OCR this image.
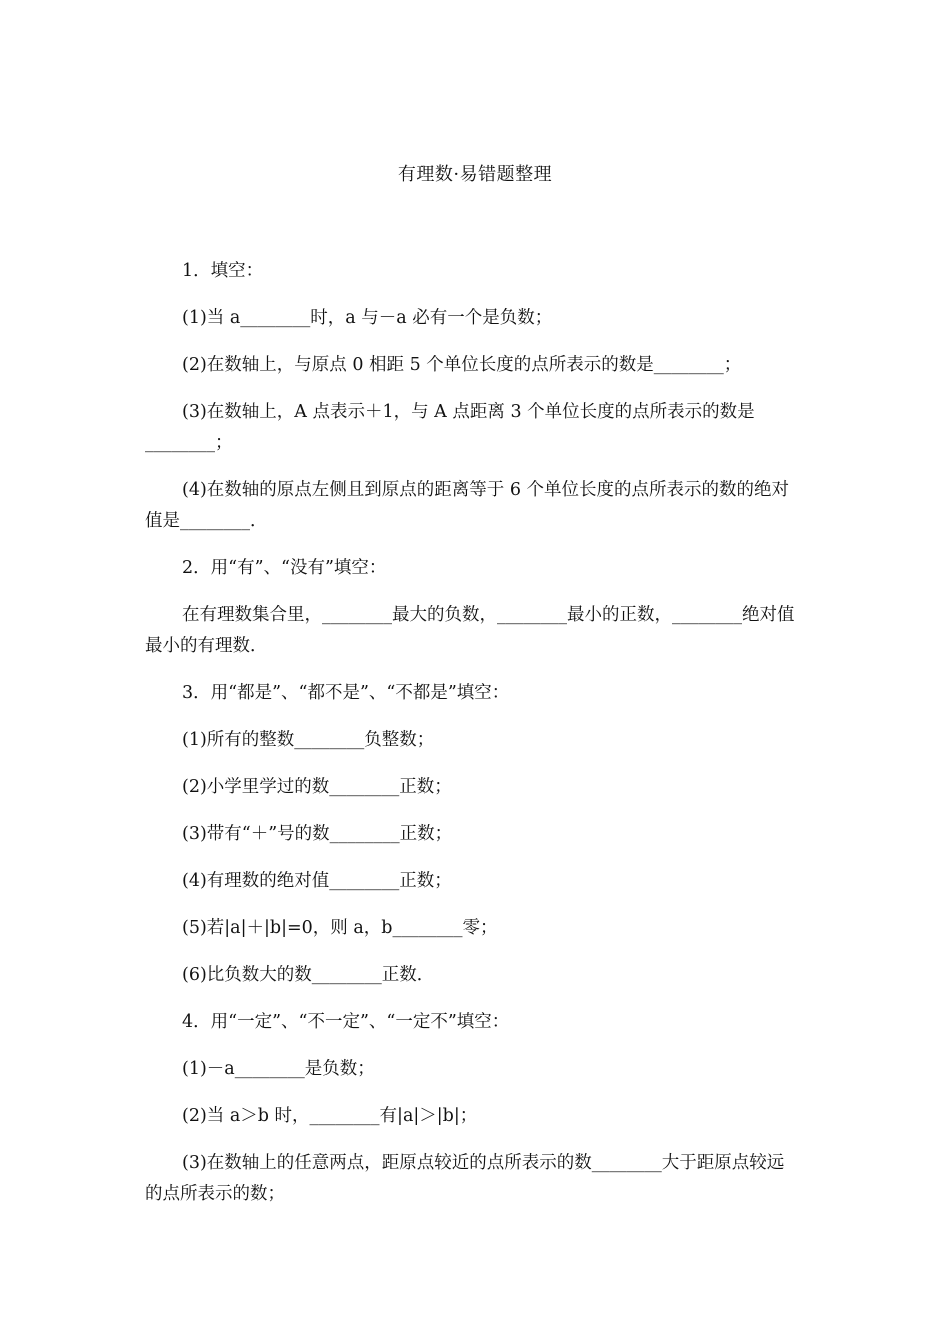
有理数·易错题整理

1．填空：

(1)当 a________时，a 与－a 必有一个是负数；

(2)在数轴上，与原点 0 相距 5 个单位长度的点所表示的数是________；

(3)在数轴上，A 点表示＋1，与 A 点距离 3 个单位长度的点所表示的数是________；

(4)在数轴的原点左侧且到原点的距离等于 6 个单位长度的点所表示的数的绝对值是________．

2．用“有”、“没有”填空：

在有理数集合里，________最大的负数，________最小的正数，________绝对值最小的有理数．

3．用“都是”、“都不是”、“不都是”填空：

(1)所有的整数________负整数；

(2)小学里学过的数________正数；

(3)带有“＋”号的数________正数；

(4)有理数的绝对值________正数；

(5)若|a|＋|b|=0，则 a，b________零；

(6)比负数大的数________正数．

4．用“一定”、“不一定”、“一定不”填空：

(1)－a________是负数；

(2)当 a＞b 时，________有|a|＞|b|；

(3)在数轴上的任意两点，距原点较近的点所表示的数________大于距原点较远的点所表示的数；
